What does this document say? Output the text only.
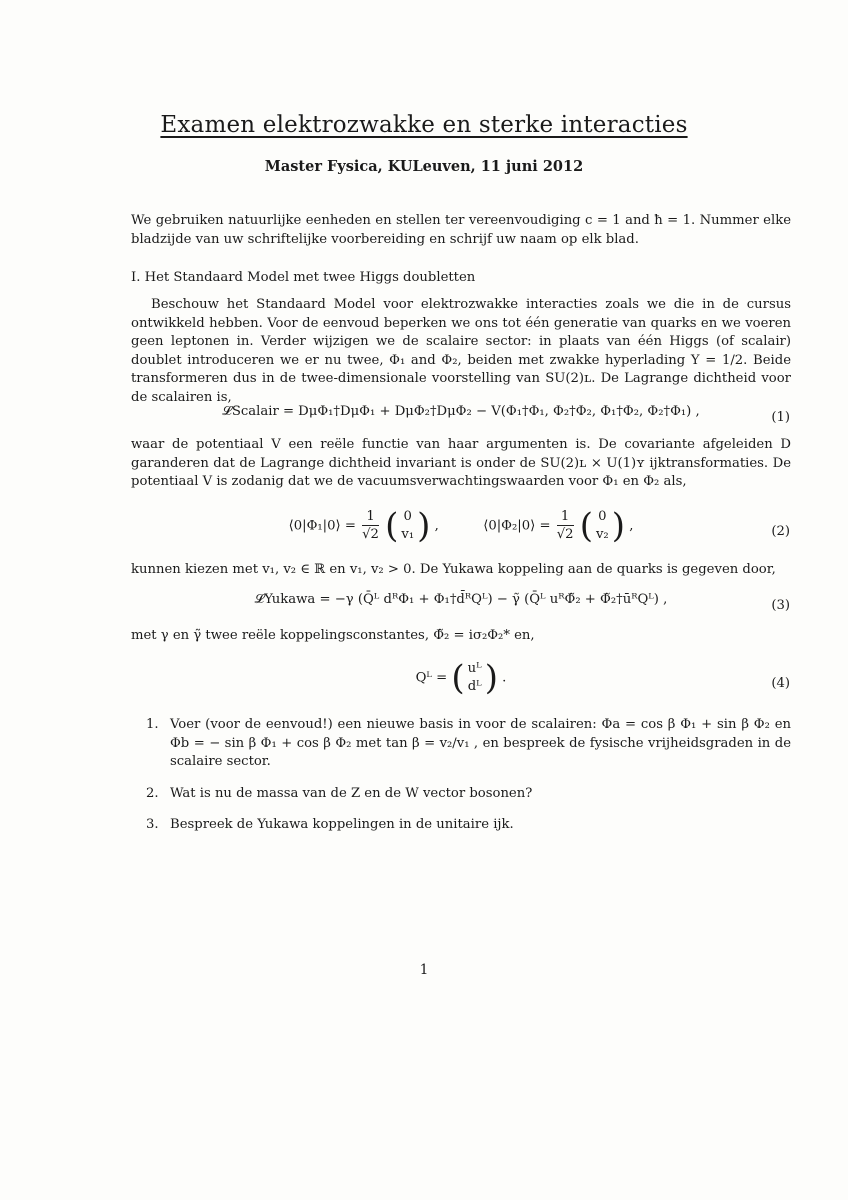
Examen elektrozwakke en sterke interacties
Master Fysica, KULeuven, 11 juni 2012
We gebruiken natuurlijke eenheden en stellen ter vereenvoudiging c = 1 and ħ = 1. Nummer elke bladzijde van uw schriftelijke voorbereiding en schrijf uw naam op elk blad.
I. Het Standaard Model met twee Higgs doubletten
Beschouw het Standaard Model voor elektrozwakke interacties zoals we die in de cursus ontwikkeld hebben. Voor de eenvoud beperken we ons tot één generatie van quarks en we voeren geen leptonen in. Verder wijzigen we de scalaire sector: in plaats van één Higgs (of scalair) doublet introduceren we er nu twee, Φ₁ and Φ₂, beiden met zwakke hyperlading Y = 1/2. Beide transformeren dus in de twee-dimensionale voorstelling van SU(2)ʟ. De Lagrange dichtheid voor de scalairen is,
𝓛Scalair = DμΦ₁†DμΦ₁ + DμΦ₂†DμΦ₂ − V(Φ₁†Φ₁, Φ₂†Φ₂, Φ₁†Φ₂, Φ₂†Φ₁) ,	(1)
waar de potentiaal V een reële functie van haar argumenten is. De covariante afgeleiden D garanderen dat de Lagrange dichtheid invariant is onder de SU(2)ʟ × U(1)ʏ ijktransformaties. De potentiaal V is zodanig dat we de vacuumsverwachtingswaarden voor Φ₁ en Φ₂ als,
⟨0|Φ₁|0⟩ = $\frac{1}{√2}$ ( 0
v₁ ) ,	⟨0|Φ₂|0⟩ = $\frac{1}{√2}$ ( 0
v₂ ) ,	(2)
kunnen kiezen met v₁, v₂ ∈ ℝ en v₁, v₂ > 0. De Yukawa koppeling aan de quarks is gegeven door,
𝓛Yukawa = −γ (Q̄ᴸ dᴿΦ₁ + Φ₁†d̄ᴿQᴸ) − γ̃ (Q̄ᴸ uᴿΦ̃₂ + Φ̃₂†ūᴿQᴸ) ,	(3)
met γ en γ̃ twee reële koppelingsconstantes, Φ̃₂ = iσ₂Φ₂* en,
Qᴸ = ( uᴸ
dᴸ ) .	(4)
1. Voer (voor de eenvoud!) een nieuwe basis in voor de scalairen: Φa = cos β Φ₁ + sin β Φ₂ en Φb = − sin β Φ₁ + cos β Φ₂ met tan β = v₂/v₁ , en bespreek de fysische vrijheidsgraden in de scalaire sector.
2. Wat is nu de massa van de Z en de W vector bosonen?
3. Bespreek de Yukawa koppelingen in de unitaire ijk.
1
